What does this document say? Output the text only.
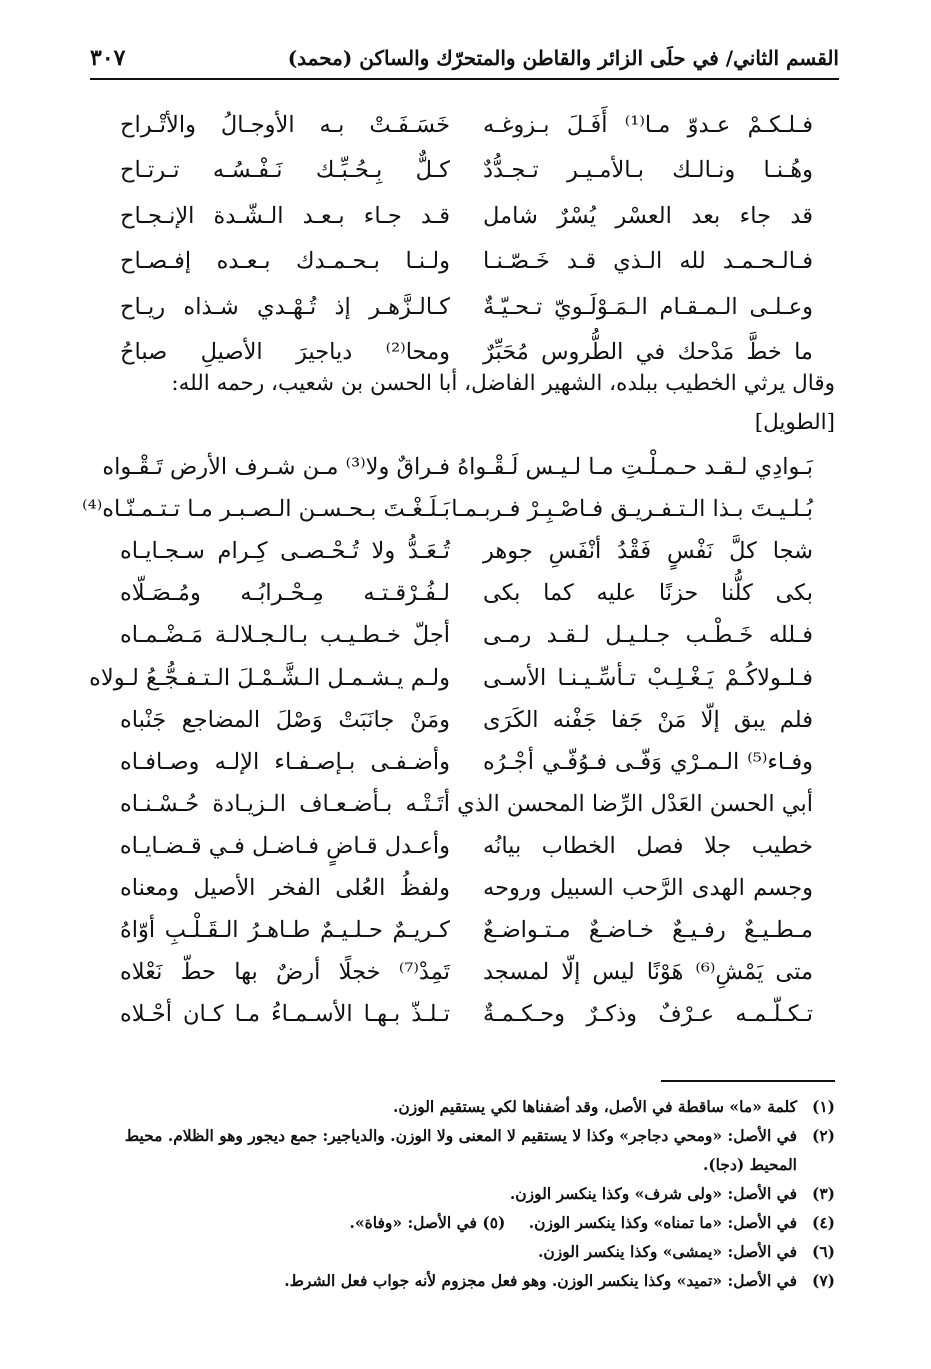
القسم الثاني/ في حلَى الزائر والقاطن والمتحرّك والساكن (محمد)
٣٠٧
فـلـكـمْ عـدوّ مـا⁽¹⁾ أَفَـلَ بـزوغـه
خَسَـفَـتْ بـه الأوجـالُ والأتْـراح
وهُـنـا ونـالـك بـالأمـيـر تـجـدُّدٌ
كـلٌّ بِـحُـبِّـك نَـفْـسُـه تـرتـاح
قد جاء بعد العسْر يُسْرٌ شامل
قـد جـاء بـعـد الـشّـدة الإنـجـاح
فـالـحـمـد لله الـذي قـد خَـصّـنـا
ولـنـا بـحـمـدك بـعـده إفـصـاح
وعـلـى الـمـقـام الـمَـوْلَـويّ تـحـيّـةٌ
كـالـزَّهـر إذ تُـهْـدي شـذاه ريـاح
ما خطَّ مَدْحك في الطُّروس مُحَبِّرٌ
ومحا⁽²⁾ دياجيرَ الأصيلِ صباحُ
وقال يرثي الخطيب ببلده، الشهير الفاضل، أبا الحسن بن شعيب، رحمه الله:
[الطويل]
بَـوادِي لـقـد حـمـلْـتِ مـا لـيـس لَـقْـواهُ
فـراقٌ ولا⁽³⁾ مـن شـرف الأرض تَـقْـواه
بُـلـيـتَ بـذا الـتـفـريـق فـاصْـبِـرْ فـربـمـا
بَـلَـغْـتَ بـحـسـن الـصـبـر مـا تـتـمـنّـاه⁽⁴⁾
شجا كلَّ نَفْسٍ فَقْدُ أنْفَسِ جوهر
تُـعَـدُّ ولا تُـحْـصـى كِـرام سـجـايـاه
بكى كلُّنا حزنًا عليه كما بكى
لـفُـرْقـتـه مِـحْـرابُـه ومُـصَـلّاه
فـلله خَـطْـب جـلـيـل لـقـد رمـى
أجلّ خـطـيـب بـالـجـلالـة مَـضْـمـاه
فـلـولاكُـمْ يَـغْـلِـبْ تـأسِّـيـنـا الأسـى
ولـم يـشـمـل الـشَّـمْـلَ الـتـفـجُّـعُ لـولاه
فلم يبق إلّا مَنْ جَفا جَفْنه الكَرَى
ومَنْ جانَبَتْ وَصْلَ المضاجع جَنْباه
وفـاء⁽⁵⁾ الـمـرْي وَفّـى فـوُفّـي أجْـرُه
وأضـفـى بـإصـفـاء الإلـه وصـافـاه
أبي الحسن العَدْل الرِّضا المحسن الذي
أتَـتْـه بـأضـعـاف الـزيـادة حُـسْـنـاه
خطيب جلا فصل الخطاب بيانُه
وأعـدل قـاضٍ فـاضـل فـي قـضـايـاه
وجسم الهدى الرَّحب السبيل وروحه
ولفظُ العُلى الفخر الأصيل ومعناه
مـطـيـعٌ رفـيـعٌ خـاضـعٌ مـتـواضـعٌ
كـريـمٌ حـلـيـمٌ طـاهـرُ الـقَـلْـبِ أوّاهُ
متى يَمْشِ⁽⁶⁾ هَوْنًا ليس إلّا لمسجد
تَمِدْ⁽⁷⁾ خجلًا أرضٌ بها حطّ نَعْلاه
تـكـلّـمـه عـرْفٌ وذكـرٌ وحـكـمـةٌ
تـلـذّ بـهـا الأسـمـاءُ مـا كـان أحْـلاه
(١)
كلمة «ما» ساقطة في الأصل، وقد أضفناها لكي يستقيم الوزن.
(٢)
في الأصل: «ومحي دجاجر» وكذا لا يستقيم لا المعنى ولا الوزن. والدياجير: جمع ديجور وهو الظلام. محيط المحيط (دجا).
(٣)
في الأصل: «ولى شرف» وكذا ينكسر الوزن.
(٤)
في الأصل: «ما تمناه» وكذا ينكسر الوزن. (٥) في الأصل: «وفاة».
(٦)
في الأصل: «يمشى» وكذا ينكسر الوزن.
(٧)
في الأصل: «تميد» وكذا ينكسر الوزن. وهو فعل مجزوم لأنه جواب فعل الشرط.
